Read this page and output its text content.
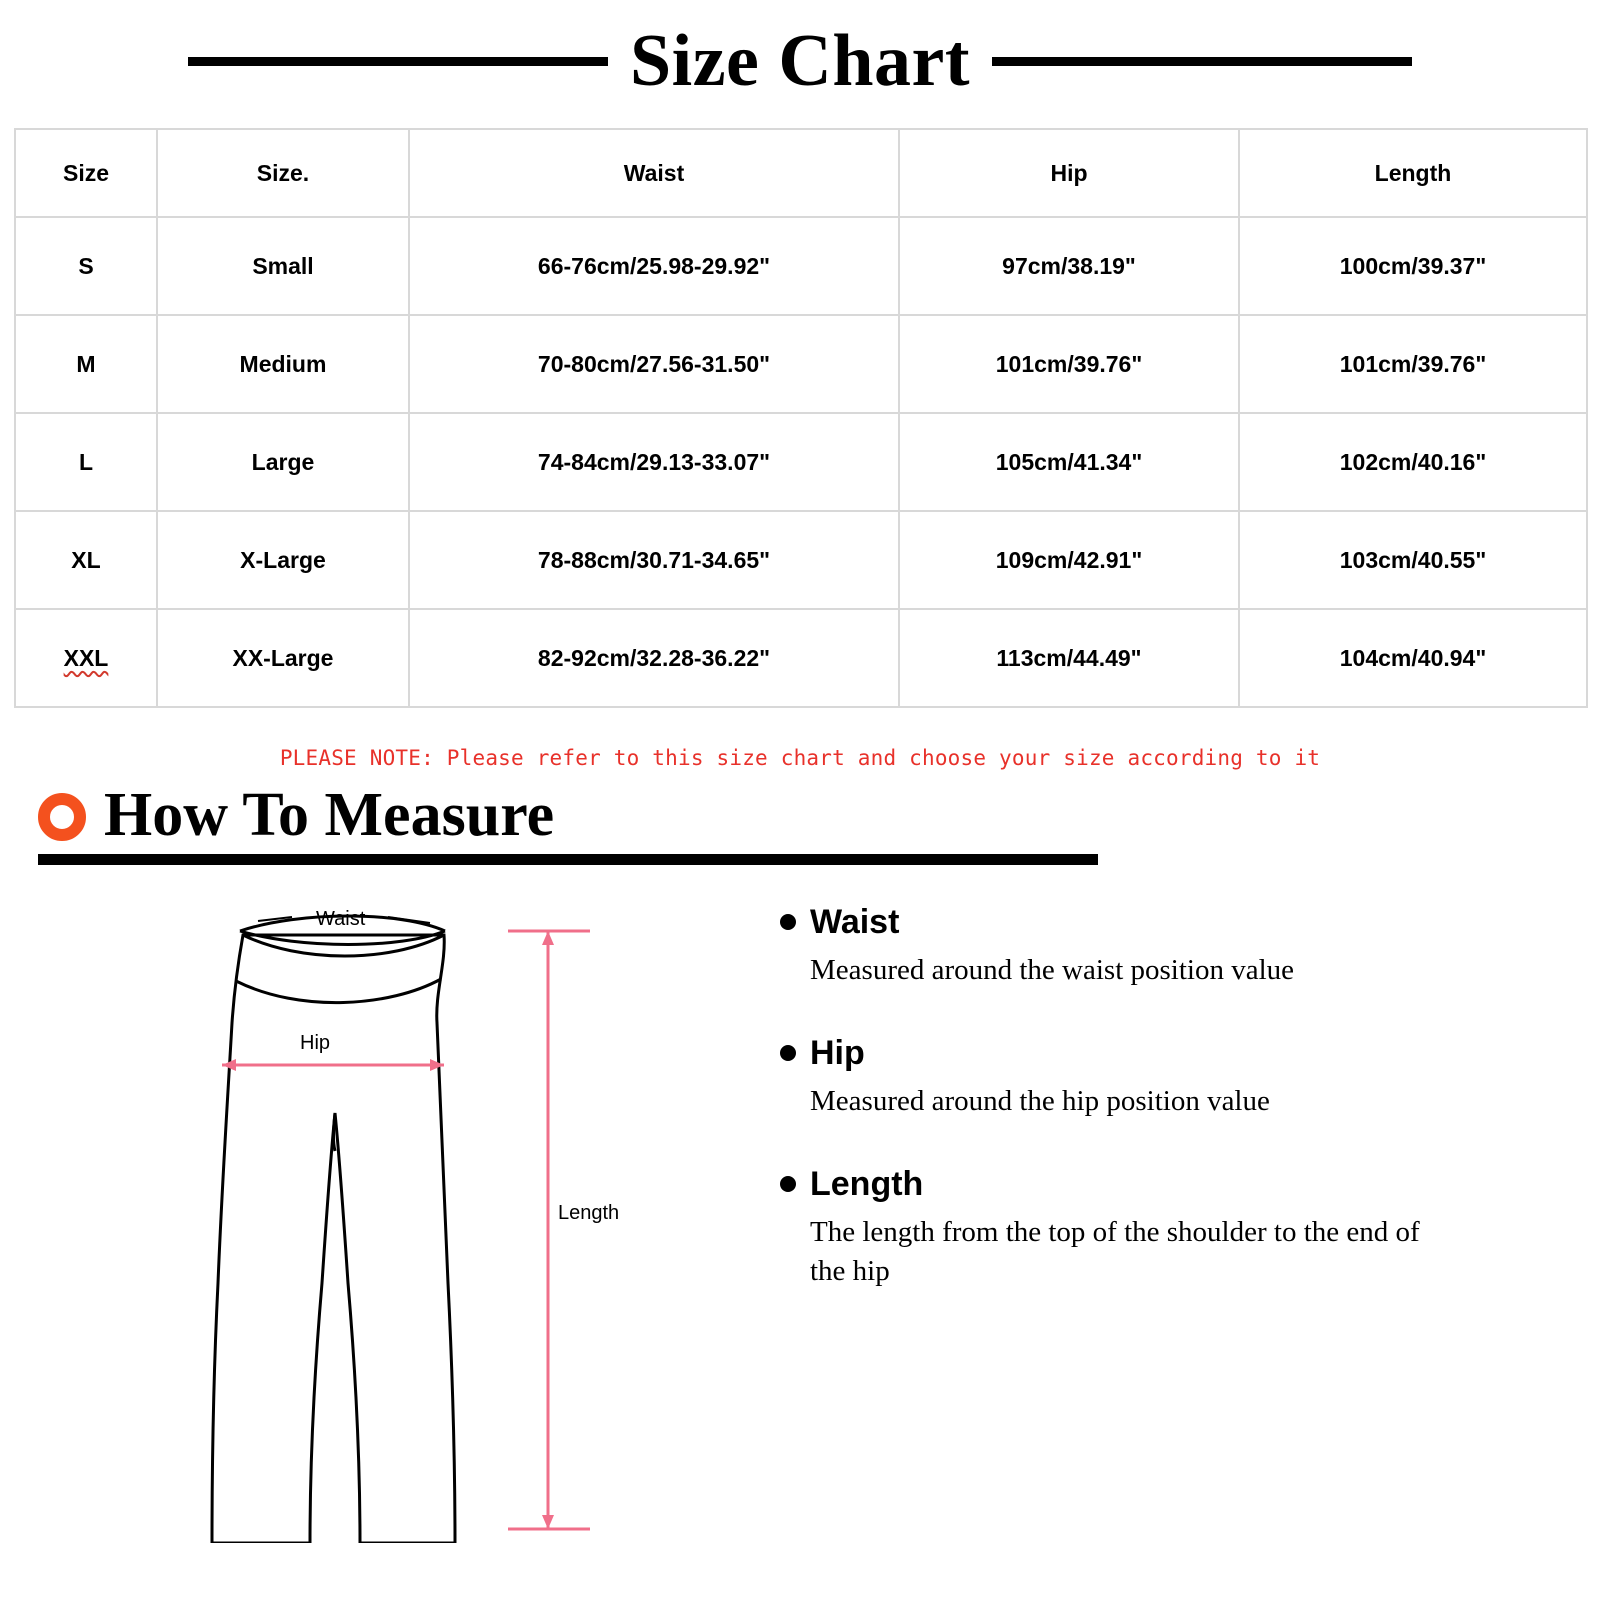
Size Chart
Size	Size.	Waist	Hip	Length
S	Small	66-76cm/25.98-29.92"	97cm/38.19"	100cm/39.37"
M	Medium	70-80cm/27.56-31.50"	101cm/39.76"	101cm/39.76"
L	Large	74-84cm/29.13-33.07"	105cm/41.34"	102cm/40.16"
XL	X-Large	78-88cm/30.71-34.65"	109cm/42.91"	103cm/40.55"
XXL	XX-Large	82-92cm/32.28-36.22"	113cm/44.49"	104cm/40.94"
PLEASE NOTE: Please refer to this size chart and choose your size according to it
How To Measure
Waist
Hip
Length
Waist
Measured around the waist position value
Hip
Measured around the hip position value
Length
The length from the top of the shoulder to the end of the hip
